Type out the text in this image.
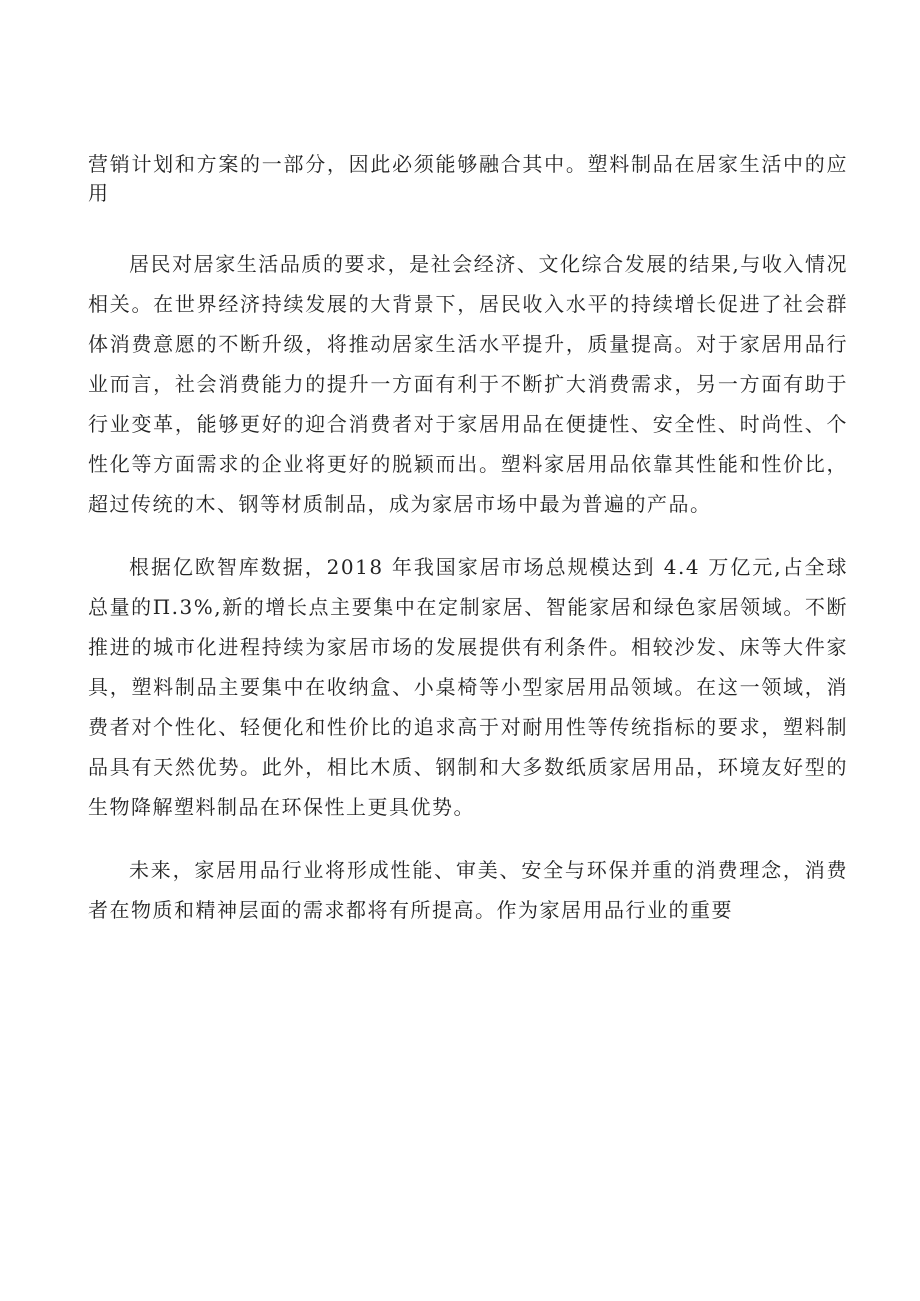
营销计划和方案的一部分，因此必须能够融合其中。塑料制品在居家生活中的应用

居民对居家生活品质的要求，是社会经济、文化综合发展的结果,与收入情况相关。在世界经济持续发展的大背景下，居民收入水平的持续增长促进了社会群体消费意愿的不断升级，将推动居家生活水平提升，质量提高。对于家居用品行业而言，社会消费能力的提升一方面有利于不断扩大消费需求，另一方面有助于行业变革，能够更好的迎合消费者对于家居用品在便捷性、安全性、时尚性、个性化等方面需求的企业将更好的脱颖而出。塑料家居用品依靠其性能和性价比，超过传统的木、钢等材质制品，成为家居市场中最为普遍的产品。

根据亿欧智库数据，2018 年我国家居市场总规模达到 4.4 万亿元,占全球总量的Π.3%,新的增长点主要集中在定制家居、智能家居和绿色家居领域。不断推进的城市化进程持续为家居市场的发展提供有利条件。相较沙发、床等大件家具，塑料制品主要集中在收纳盒、小桌椅等小型家居用品领域。在这一领域，消费者对个性化、轻便化和性价比的追求高于对耐用性等传统指标的要求，塑料制品具有天然优势。此外，相比木质、钢制和大多数纸质家居用品，环境友好型的生物降解塑料制品在环保性上更具优势。

未来，家居用品行业将形成性能、审美、安全与环保并重的消费理念，消费者在物质和精神层面的需求都将有所提高。作为家居用品行业的重要
